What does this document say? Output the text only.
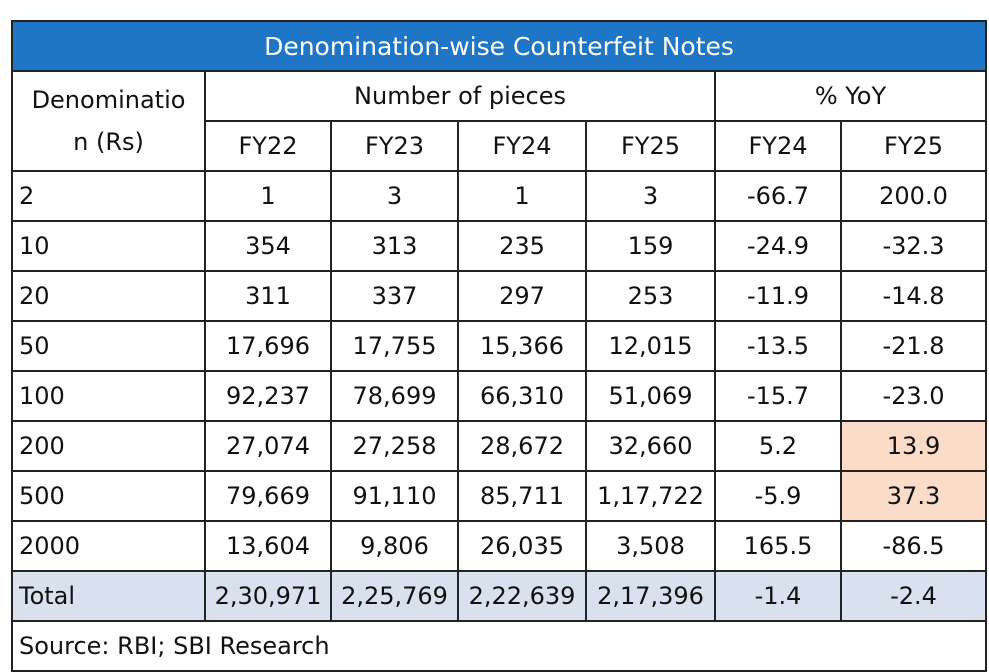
Denomination-wise Counterfeit Notes						

Denominatio
n (Rs)	Number of pieces				% YoY	
	FY22	FY23	FY24	FY25	FY24	FY25
2	1	3	1	3	-66.7	200.0
10	354	313	235	159	-24.9	-32.3
20	311	337	297	253	-11.9	-14.8
50	17,696	17,755	15,366	12,015	-13.5	-21.8
100	92,237	78,699	66,310	51,069	-15.7	-23.0
200	27,074	27,258	28,672	32,660	5.2	13.9
500	79,669	91,110	85,711	1,17,722	-5.9	37.3
2000	13,604	9,806	26,035	3,508	165.5	-86.5
Total	2,30,971	2,25,769	2,22,639	2,17,396	-1.4	-2.4
Source: RBI; SBI Research						
